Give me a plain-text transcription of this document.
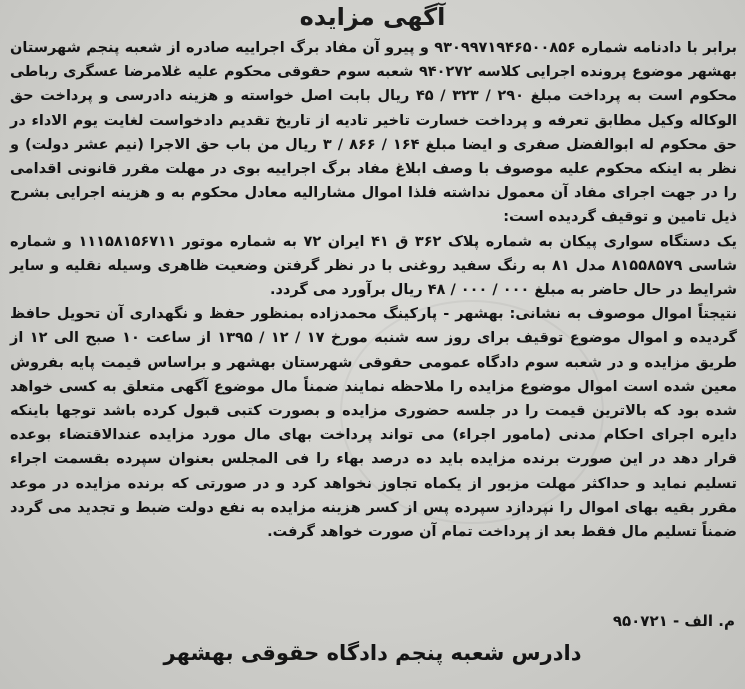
آگهی مزایده

برابر با دادنامه شماره ۹۳۰۹۹۷۱۹۴۶۵۰۰۸۵۶ و پیرو آن مفاد برگ اجراییه صادره از شعبه پنجم شهرستان بهشهر موضوع پرونده اجرایی کلاسه ۹۴۰۲۷۲ شعبه سوم حقوقی محکوم علیه غلامرضا عسگری رباطی محکوم است به پرداخت مبلغ ۲۹۰ / ۳۲۳ / ۴۵ ریال بابت اصل خواسته و هزینه دادرسی و پرداخت حق الوکاله وکیل مطابق تعرفه و پرداخت خسارت تاخیر تادیه از تاریخ تقدیم دادخواست لغایت یوم الاداء در حق محکوم له ابوالفضل صفری و ایضا مبلغ ۱۶۴ / ۸۶۶ / ۳ ریال من باب حق الاجرا (نیم عشر دولت) و نظر به اینکه محکوم علیه موصوف با وصف ابلاغ مفاد برگ اجراییه بوی در مهلت مقرر قانونی اقدامی را در جهت اجرای مفاد آن معمول نداشته فلذا اموال مشارالیه معادل محکوم به و هزینه اجرایی بشرح ذیل تامین و توقیف گردیده است:

یک دستگاه سواری پیکان به شماره پلاک ۳۶۲ ق ۴۱ ایران ۷۲ به شماره موتور ۱۱۱۵۸۱۵۶۷۱۱ و شماره شاسی ۸۱۵۵۸۵۷۹ مدل ۸۱ به رنگ سفید روغنی با در نظر گرفتن وضعیت ظاهری وسیله نقلیه و سایر شرایط در حال حاضر به مبلغ ۰۰۰ / ۰۰۰ / ۴۸ ریال برآورد می گردد.

نتیجتاً اموال موصوف به نشانی: بهشهر - پارکینگ محمدزاده بمنظور حفظ و نگهداری آن تحویل حافظ گردیده و اموال موضوع توقیف برای روز سه شنبه مورخ ۱۷ / ۱۲ / ۱۳۹۵ از ساعت ۱۰ صبح الی ۱۲ از طریق مزایده و در شعبه سوم دادگاه عمومی حقوقی شهرستان بهشهر و براساس قیمت پایه بفروش معین شده است اموال موضوع مزایده را ملاحظه نمایند ضمناً مال موضوع آگهی متعلق به کسی خواهد شده بود که بالاترین قیمت را در جلسه حضوری مزایده و بصورت کتبی قبول کرده باشد توجها باینکه دایره اجرای احکام مدنی (مامور اجراء) می تواند پرداخت بهای مال مورد مزایده عندالاقتضاء بوعده قرار دهد در این صورت برنده مزایده باید ده درصد بهاء را فی المجلس بعنوان سپرده بقسمت اجراء تسلیم نماید و حداکثر مهلت مزبور از یکماه تجاوز نخواهد کرد و در صورتی که برنده مزایده در موعد مقرر بقیه بهای اموال را نپردازد سپرده پس از کسر هزینه مزایده به نفع دولت ضبط و تجدید می گردد ضمناً تسلیم مال فقط بعد از پرداخت تمام آن صورت خواهد گرفت.

م. الف - ۹۵۰۷۲۱
دادرس شعبه پنجم دادگاه حقوقی بهشهر
